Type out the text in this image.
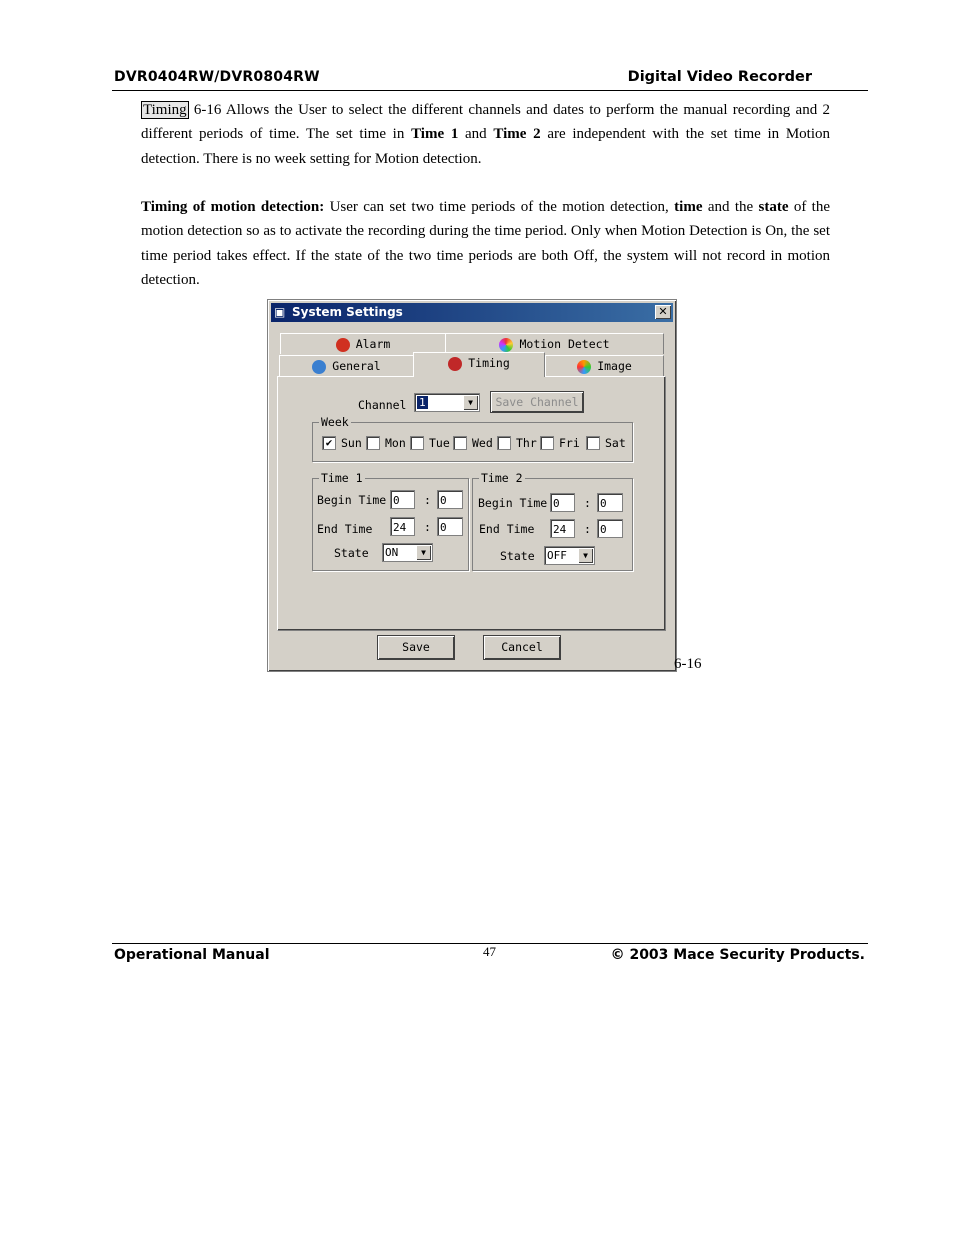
DVR0404RW/DVR0804RW	Digital Video Recorder
Timing 6-16 Allows the User to select the different channels and dates to perform the manual recording and 2 different periods of time. The set time in Time 1 and Time 2 are independent with the set time in Motion detection. There is no week setting for Motion detection.
Timing of motion detection: User can set two time periods of the motion detection, time and the state of the motion detection so as to activate the recording during the time period. Only when Motion Detection is On, the set time period takes effect. If the state of the two time periods are both Off, the system will not record in motion detection.
▣ System Settings	✕
Alarm	Motion Detect
General	Timing	Image
Channel	1	▼	Save Channel
Week
✔ Sun Mon Tue Wed Thr Fri Sat
Time 1
Begin Time 0	: 0
End Time 24	: 0
State ON	▼
Time 2
Begin Time 0	: 0
End Time 24	: 0
State OFF	▼
Save	Cancel
6-16
Operational Manual	47	© 2003 Mace Security Products.
